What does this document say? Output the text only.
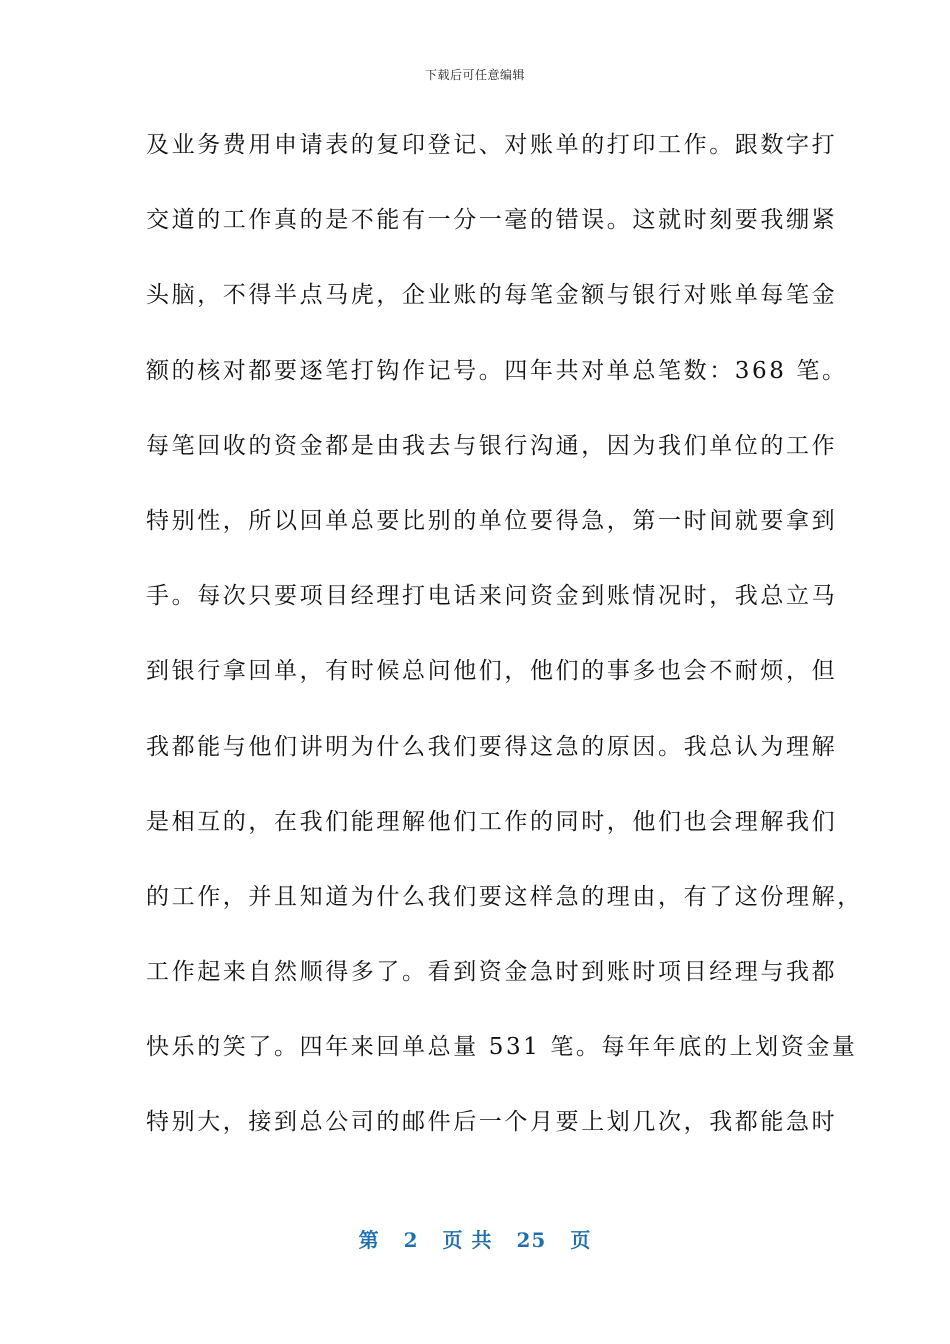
下载后可任意编辑
及业务费用申请表的复印登记、对账单的打印工作。跟数字打
交道的工作真的是不能有一分一毫的错误。这就时刻要我绷紧
头脑，不得半点马虎，企业账的每笔金额与银行对账单每笔金
额的核对都要逐笔打钩作记号。四年共对单总笔数：368 笔。
每笔回收的资金都是由我去与银行沟通，因为我们单位的工作
特别性，所以回单总要比别的单位要得急，第一时间就要拿到
手。每次只要项目经理打电话来问资金到账情况时，我总立马
到银行拿回单，有时候总问他们，他们的事多也会不耐烦，但
我都能与他们讲明为什么我们要得这急的原因。我总认为理解
是相互的，在我们能理解他们工作的同时，他们也会理解我们
的工作，并且知道为什么我们要这样急的理由，有了这份理解，
工作起来自然顺得多了。看到资金急时到账时项目经理与我都
快乐的笑了。四年来回单总量 531 笔。每年年底的上划资金量
特别大，接到总公司的邮件后一个月要上划几次，我都能急时
第 2 页 共 25 页
